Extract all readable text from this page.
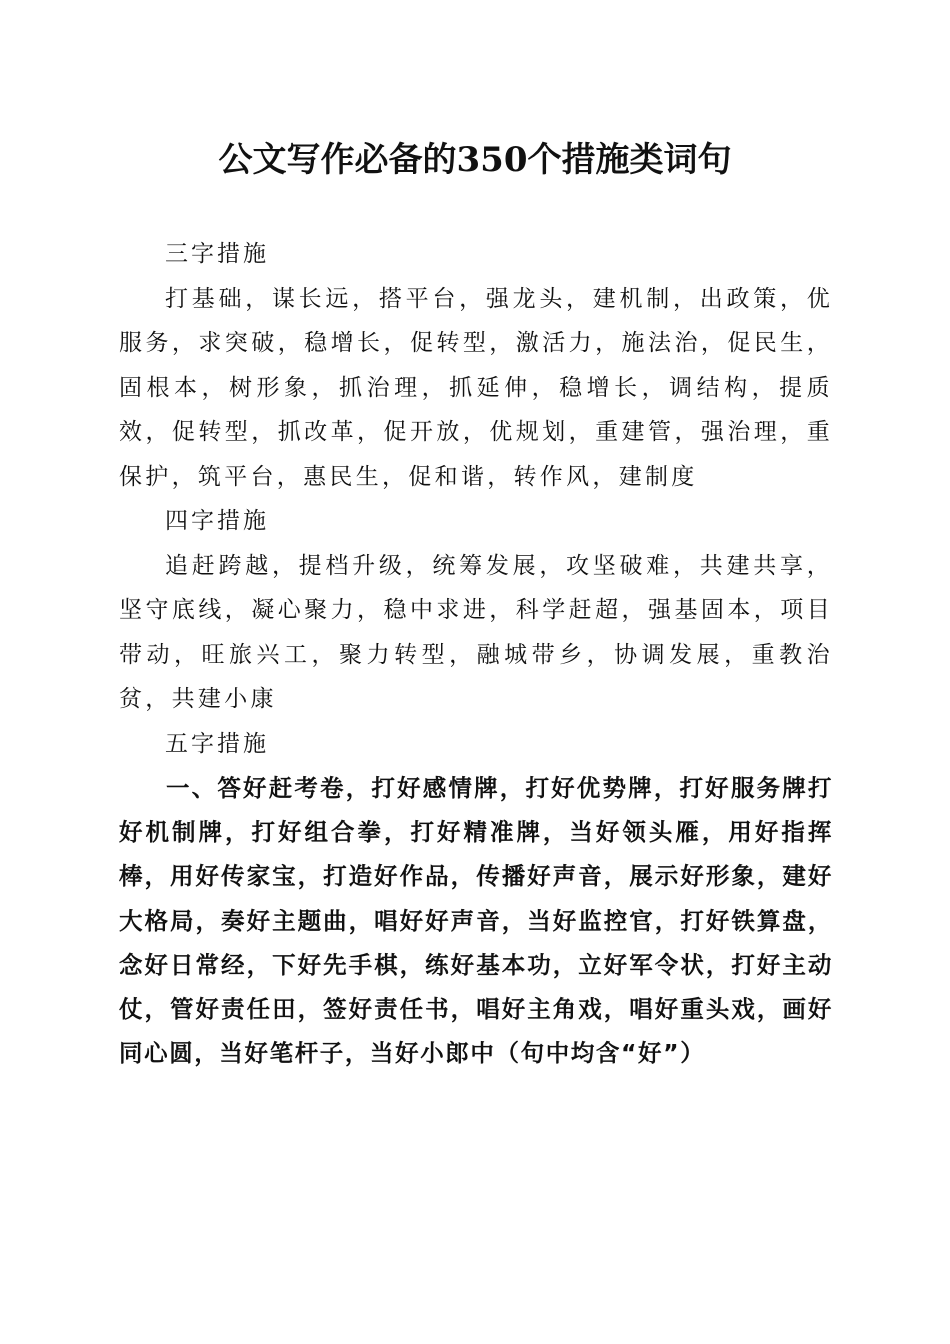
公文写作必备的350个措施类词句

三字措施

打基础，谋长远，搭平台，强龙头，建机制，出政策，优服务，求突破，稳增长，促转型，激活力，施法治，促民生，固根本，树形象，抓治理，抓延伸，稳增长，调结构，提质效，促转型，抓改革，促开放，优规划，重建管，强治理，重保护，筑平台，惠民生，促和谐，转作风，建制度

四字措施

追赶跨越，提档升级，统筹发展，攻坚破难，共建共享，坚守底线，凝心聚力，稳中求进，科学赶超，强基固本，项目带动，旺旅兴工，聚力转型，融城带乡，协调发展，重教治贫，共建小康

五字措施

一、答好赶考卷，打好感情牌，打好优势牌，打好服务牌打好机制牌，打好组合拳，打好精准牌，当好领头雁，用好指挥棒，用好传家宝，打造好作品，传播好声音，展示好形象，建好大格局，奏好主题曲，唱好好声音，当好监控官，打好铁算盘，念好日常经，下好先手棋，练好基本功，立好军令状，打好主动仗，管好责任田，签好责任书，唱好主角戏，唱好重头戏，画好同心圆，当好笔杆子，当好小郎中（句中均含“好”）
